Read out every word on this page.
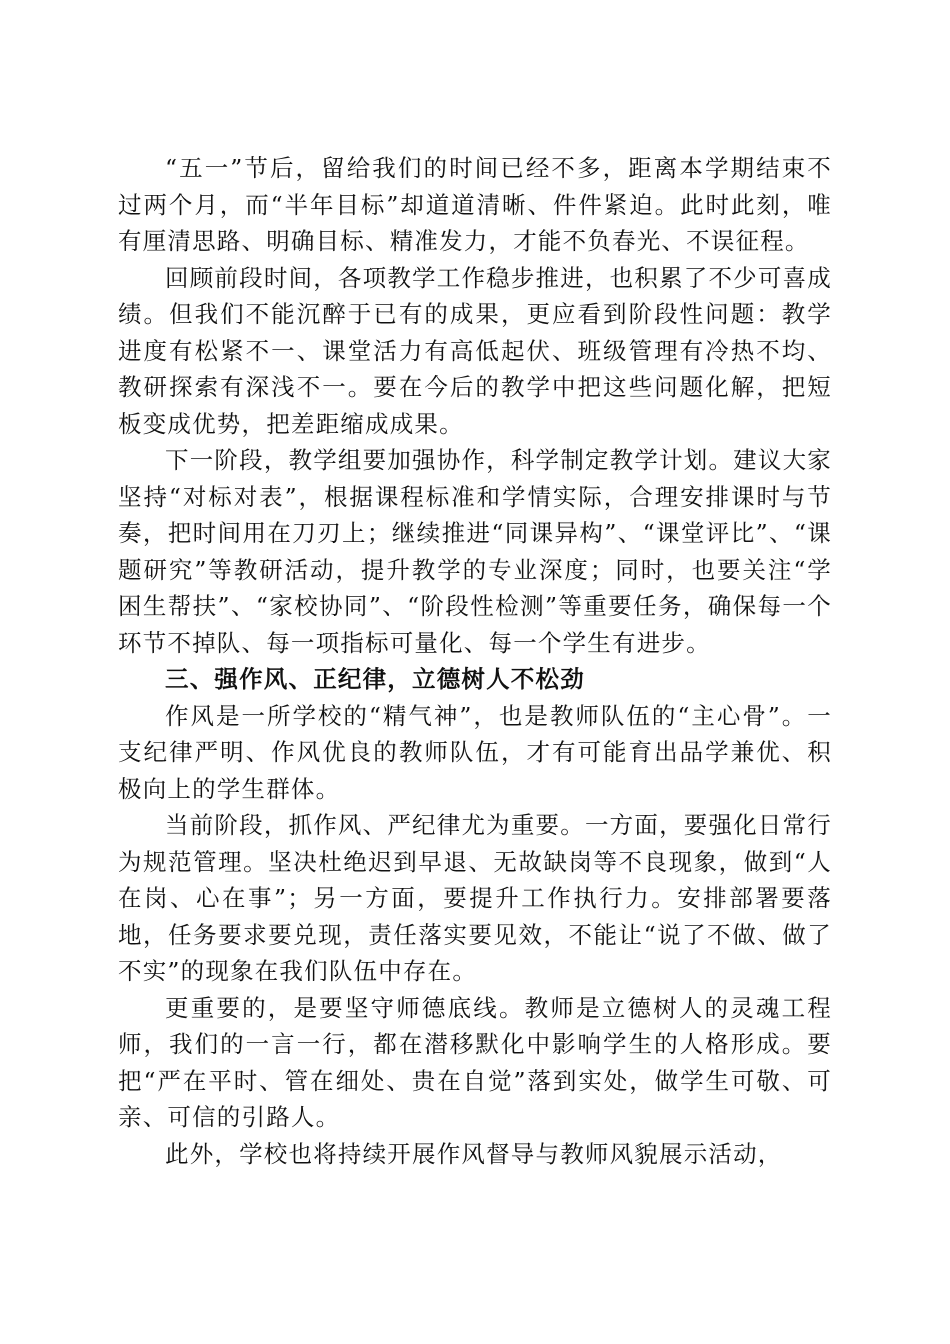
“五一”节后，留给我们的时间已经不多，距离本学期结束不过两个月，而“半年目标”却道道清晰、件件紧迫。此时此刻，唯有厘清思路、明确目标、精准发力，才能不负春光、不误征程。

回顾前段时间，各项教学工作稳步推进，也积累了不少可喜成绩。但我们不能沉醉于已有的成果，更应看到阶段性问题：教学进度有松紧不一、课堂活力有高低起伏、班级管理有冷热不均、教研探索有深浅不一。要在今后的教学中把这些问题化解，把短板变成优势，把差距缩成成果。

下一阶段，教学组要加强协作，科学制定教学计划。建议大家坚持“对标对表”，根据课程标准和学情实际，合理安排课时与节奏，把时间用在刀刃上；继续推进“同课异构”、“课堂评比”、“课题研究”等教研活动，提升教学的专业深度；同时，也要关注“学困生帮扶”、“家校协同”、“阶段性检测”等重要任务，确保每一个环节不掉队、每一项指标可量化、每一个学生有进步。

三、强作风、正纪律，立德树人不松劲

作风是一所学校的“精气神”，也是教师队伍的“主心骨”。一支纪律严明、作风优良的教师队伍，才有可能育出品学兼优、积极向上的学生群体。

当前阶段，抓作风、严纪律尤为重要。一方面，要强化日常行为规范管理。坚决杜绝迟到早退、无故缺岗等不良现象，做到“人在岗、心在事”；另一方面，要提升工作执行力。安排部署要落地，任务要求要兑现，责任落实要见效，不能让“说了不做、做了不实”的现象在我们队伍中存在。

更重要的，是要坚守师德底线。教师是立德树人的灵魂工程师，我们的一言一行，都在潜移默化中影响学生的人格形成。要把“严在平时、管在细处、贵在自觉”落到实处，做学生可敬、可亲、可信的引路人。

此外，学校也将持续开展作风督导与教师风貌展示活动，
